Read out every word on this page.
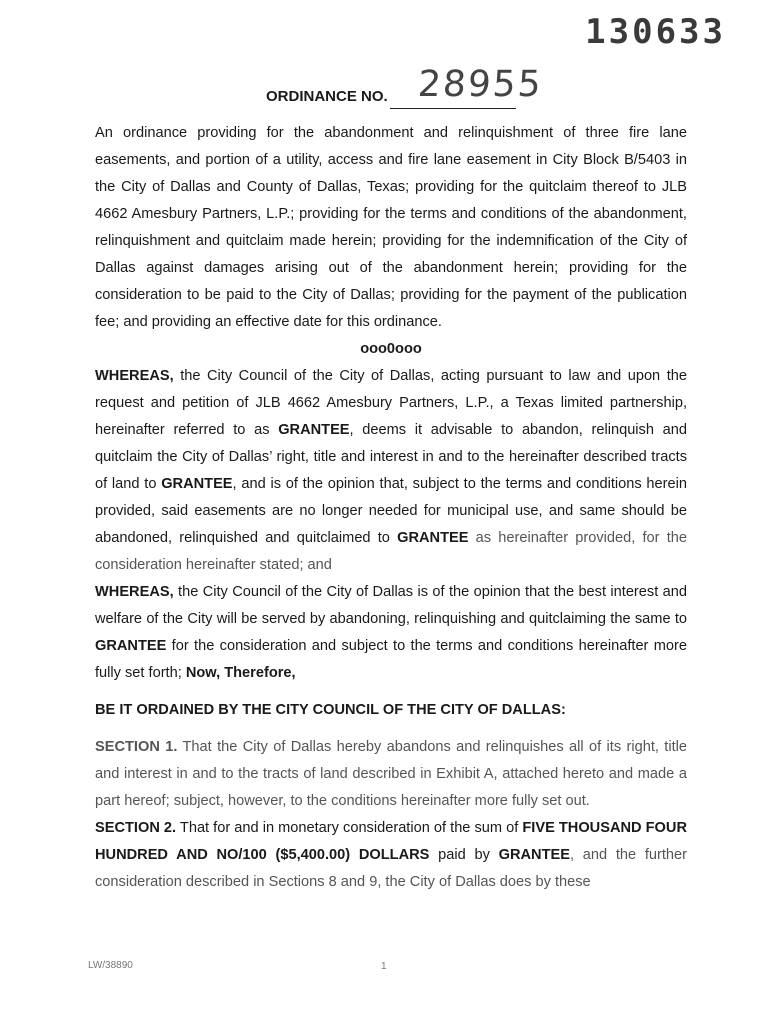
130633
ORDINANCE NO. 28955

An ordinance providing for the abandonment and relinquishment of three fire lane easements, and portion of a utility, access and fire lane easement in City Block B/5403 in the City of Dallas and County of Dallas, Texas; providing for the quitclaim thereof to JLB 4662 Amesbury Partners, L.P.; providing for the terms and conditions of the abandonment, relinquishment and quitclaim made herein; providing for the indemnification of the City of Dallas against damages arising out of the abandonment herein; providing for the consideration to be paid to the City of Dallas; providing for the payment of the publication fee; and providing an effective date for this ordinance.

ooo0ooo

WHEREAS, the City Council of the City of Dallas, acting pursuant to law and upon the request and petition of JLB 4662 Amesbury Partners, L.P., a Texas limited partnership, hereinafter referred to as GRANTEE, deems it advisable to abandon, relinquish and quitclaim the City of Dallas’ right, title and interest in and to the hereinafter described tracts of land to GRANTEE, and is of the opinion that, subject to the terms and conditions herein provided, said easements are no longer needed for municipal use, and same should be abandoned, relinquished and quitclaimed to GRANTEE as hereinafter provided, for the consideration hereinafter stated; and

WHEREAS, the City Council of the City of Dallas is of the opinion that the best interest and welfare of the City will be served by abandoning, relinquishing and quitclaiming the same to GRANTEE for the consideration and subject to the terms and conditions hereinafter more fully set forth; Now, Therefore,

BE IT ORDAINED BY THE CITY COUNCIL OF THE CITY OF DALLAS:

SECTION 1. That the City of Dallas hereby abandons and relinquishes all of its right, title and interest in and to the tracts of land described in Exhibit A, attached hereto and made a part hereof; subject, however, to the conditions hereinafter more fully set out.

SECTION 2. That for and in monetary consideration of the sum of FIVE THOUSAND FOUR HUNDRED AND NO/100 ($5,400.00) DOLLARS paid by GRANTEE, and the further consideration described in Sections 8 and 9, the City of Dallas does by these

LW/38890	1
